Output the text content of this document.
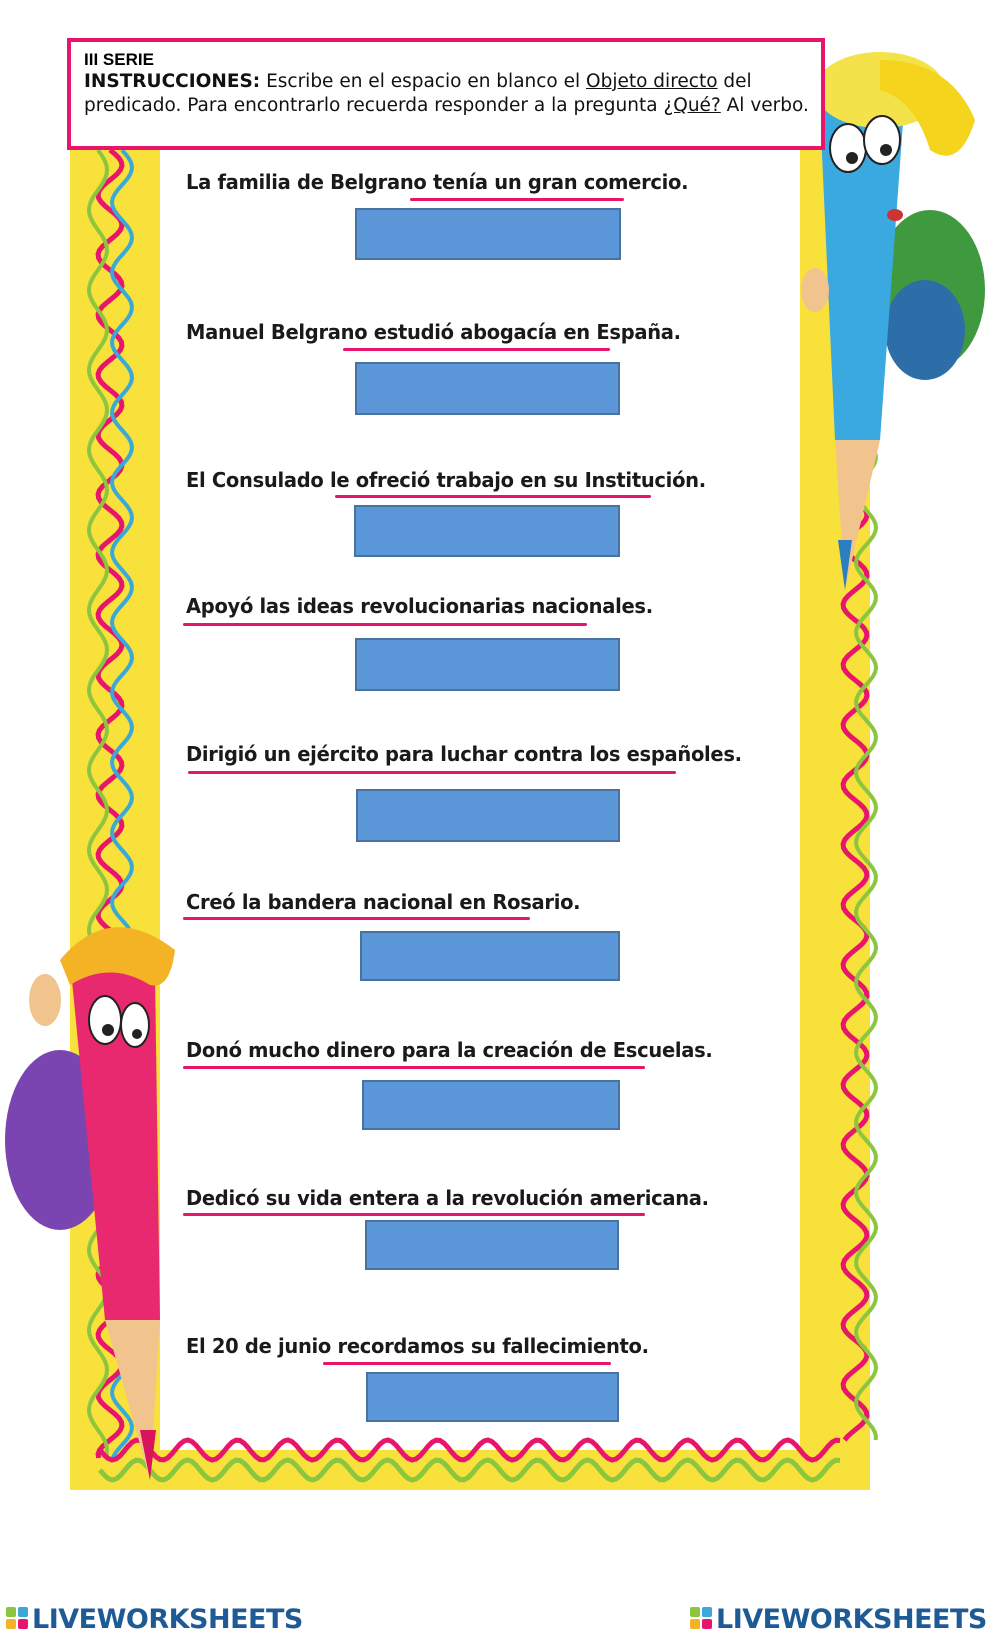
III SERIE
INSTRUCCIONES: Escribe en el espacio en blanco el Objeto directo del predicado. Para encontrarlo recuerda responder a la pregunta ¿Qué? Al verbo.
La familia de Belgrano tenía un gran comercio.
Manuel Belgrano estudió abogacía en España.
El Consulado le ofreció trabajo en su Institución.
Apoyó las ideas revolucionarias nacionales.
Dirigió un ejército para luchar contra los españoles.
Creó la bandera nacional en Rosario.
Donó mucho dinero para la creación de Escuelas.
Dedicó su vida entera a la revolución americana.
El 20 de junio recordamos su fallecimiento.
LIVEWORKSHEETS	LIVEWORKSHEETS
